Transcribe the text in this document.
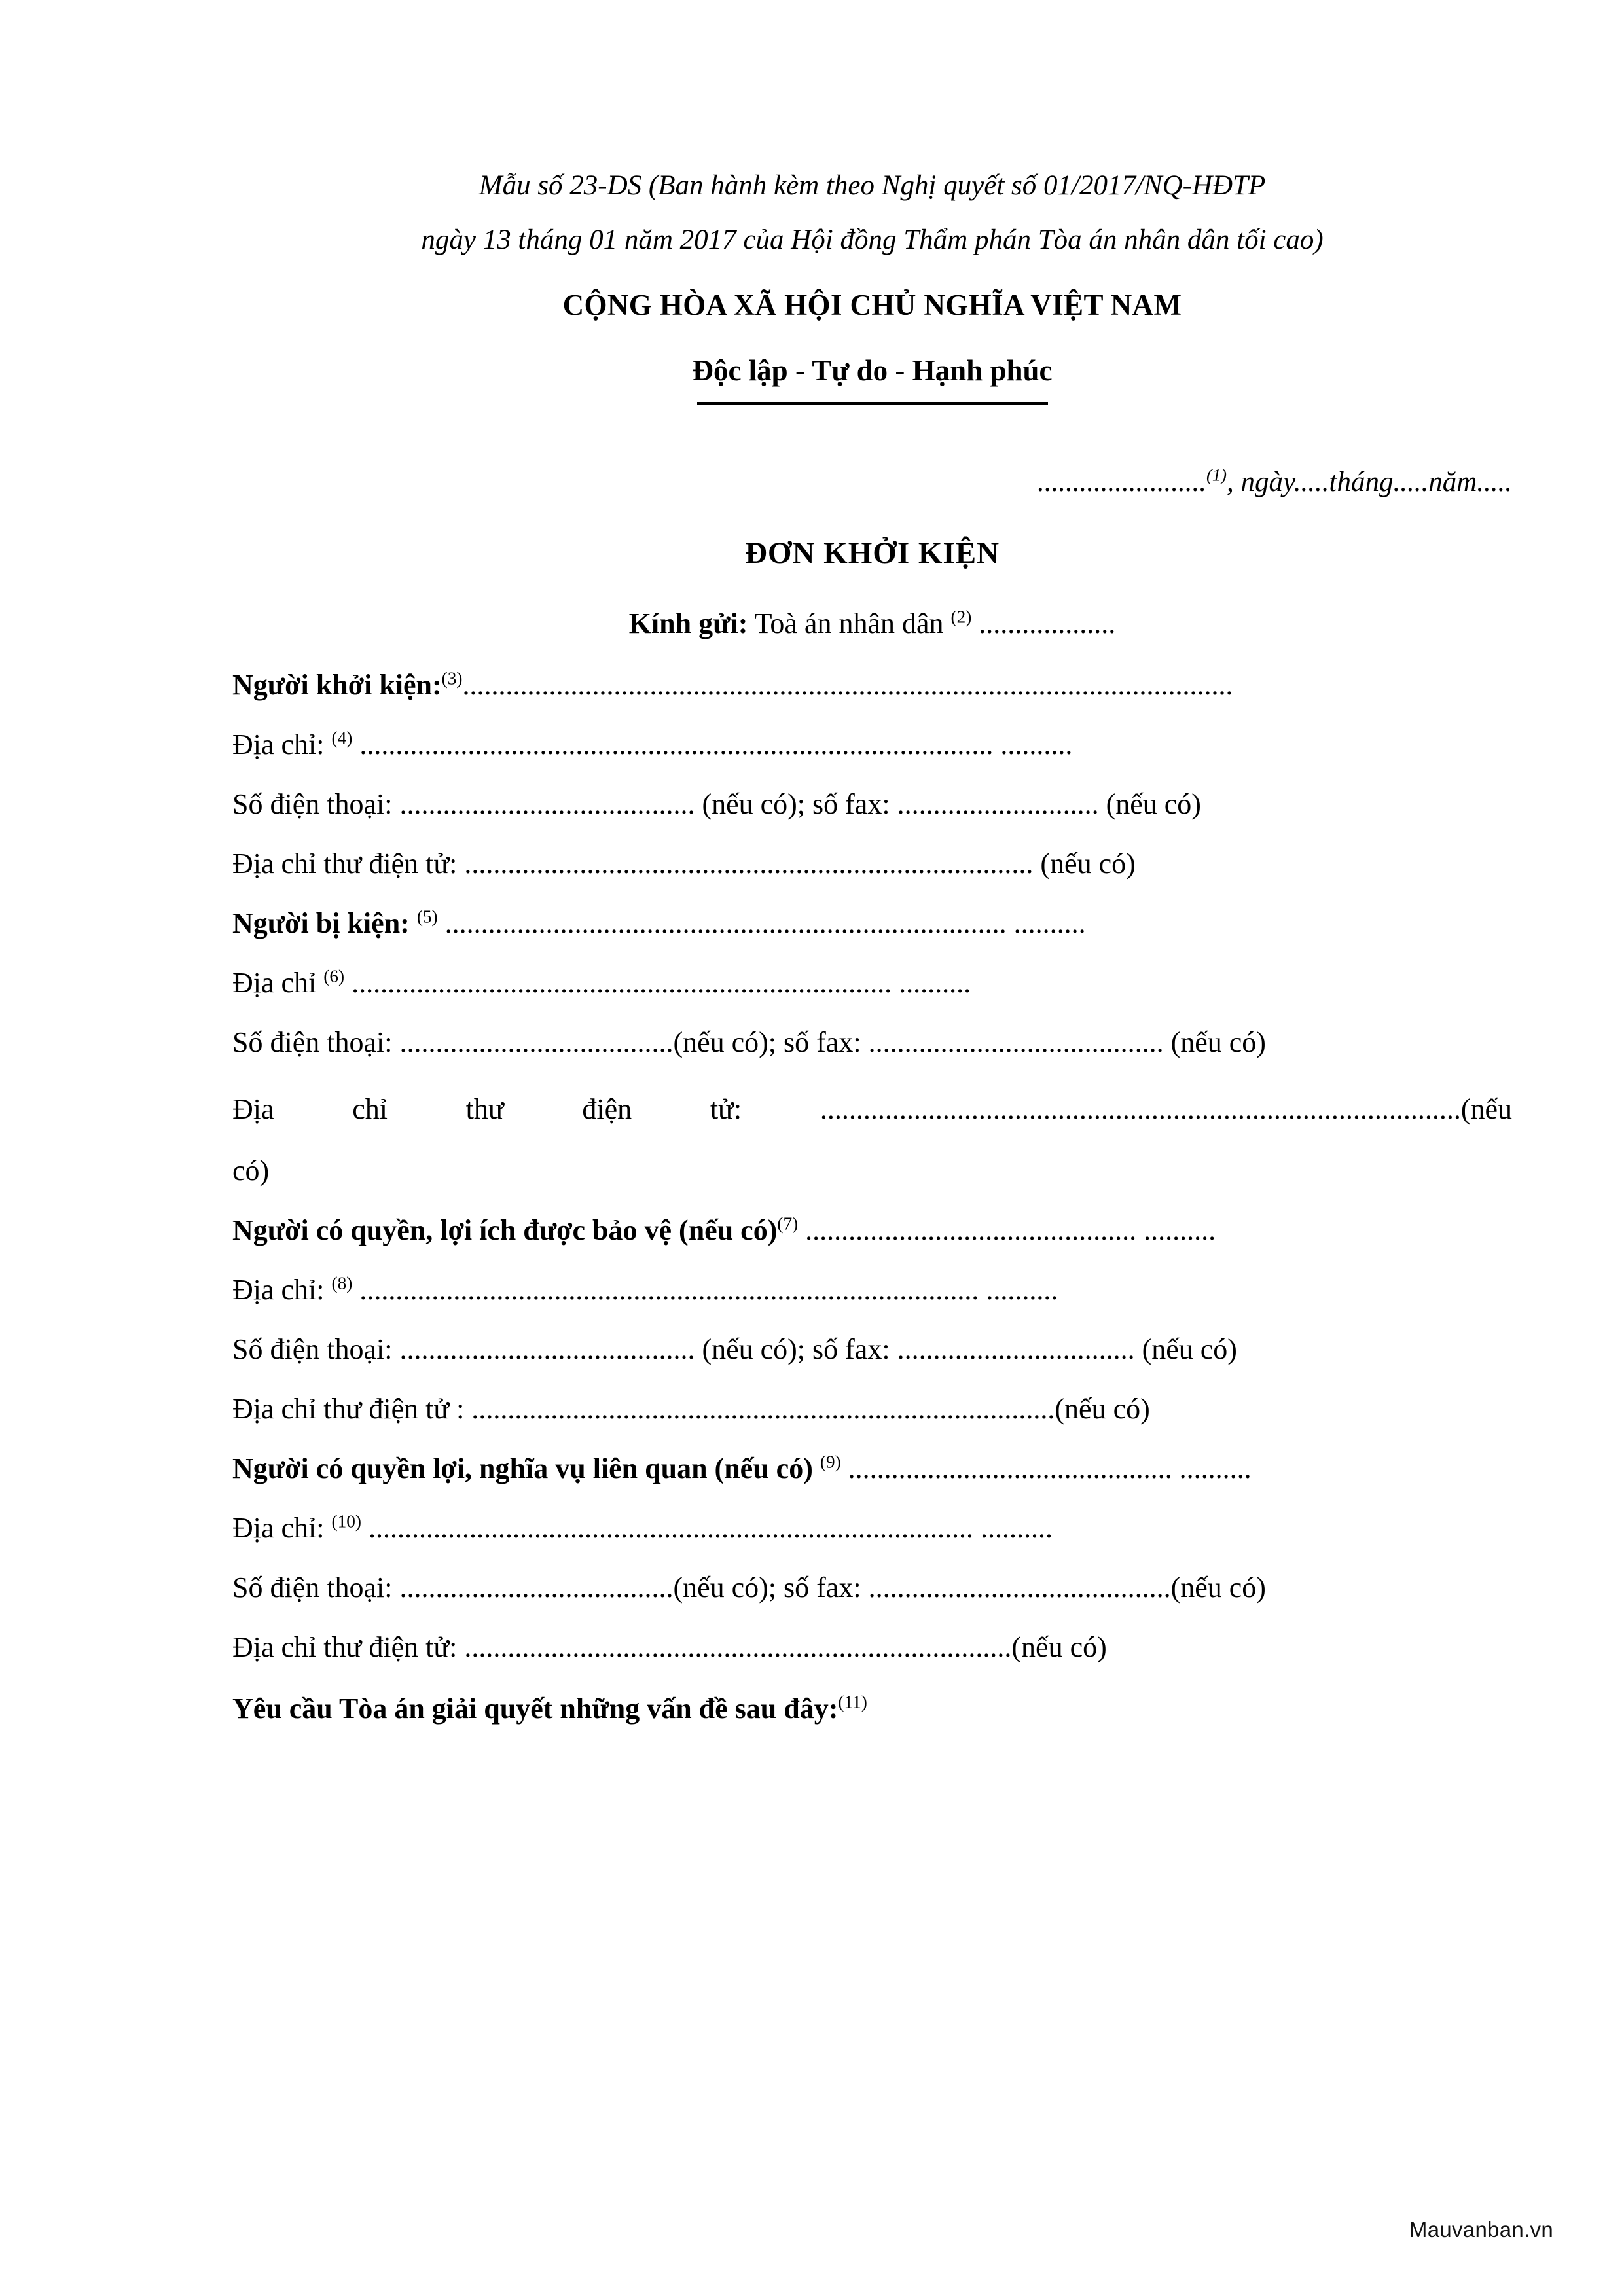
Mẫu số 23-DS (Ban hành kèm theo Nghị quyết số 01/2017/NQ-HĐTP
ngày 13 tháng 01 năm 2017 của Hội đồng Thẩm phán Tòa án nhân dân tối cao)
CỘNG HÒA XÃ HỘI CHỦ NGHĨA VIỆT NAM
Độc lập - Tự do - Hạnh phúc
........................$^{(1)}$, ngày.....tháng.....năm.....
ĐƠN KHỞI KIỆN
Kính gửi: Toà án nhân dân $^{(2)}$ ...................
Người khởi kiện:$^{(3)}$...........................................................................................................
Địa chỉ: $^{(4)}$ ........................................................................................ ..........
Số điện thoại: ......................................... (nếu có); số fax: ............................ (nếu có)
Địa chỉ thư điện tử: ............................................................................... (nếu có)
Người bị kiện: $^{(5)}$ .............................................................................. ..........
Địa chỉ $^{(6)}$ ........................................................................... ..........
Số điện thoại: ......................................(nếu có); số fax: ......................................... (nếu có)
Địa chỉ thư điện tử:	.........................................................................................(nếu
có)
Người có quyền, lợi ích được bảo vệ (nếu có)$^{(7)}$ .............................................. ..........
Địa chỉ: $^{(8)}$ ...................................................................................... ..........
Số điện thoại: ......................................... (nếu có); số fax: ................................. (nếu có)
Địa chỉ thư điện tử : .................................................................................(nếu có)
Người có quyền lợi, nghĩa vụ liên quan (nếu có) $^{(9)}$ ............................................. ..........
Địa chỉ: $^{(10)}$ .................................................................................... ..........
Số điện thoại: ......................................(nếu có); số fax: ..........................................(nếu có)
Địa chỉ thư điện tử: ............................................................................(nếu có)
Yêu cầu Tòa án giải quyết những vấn đề sau đây:$^{(11)}$
Mauvanban.vn
